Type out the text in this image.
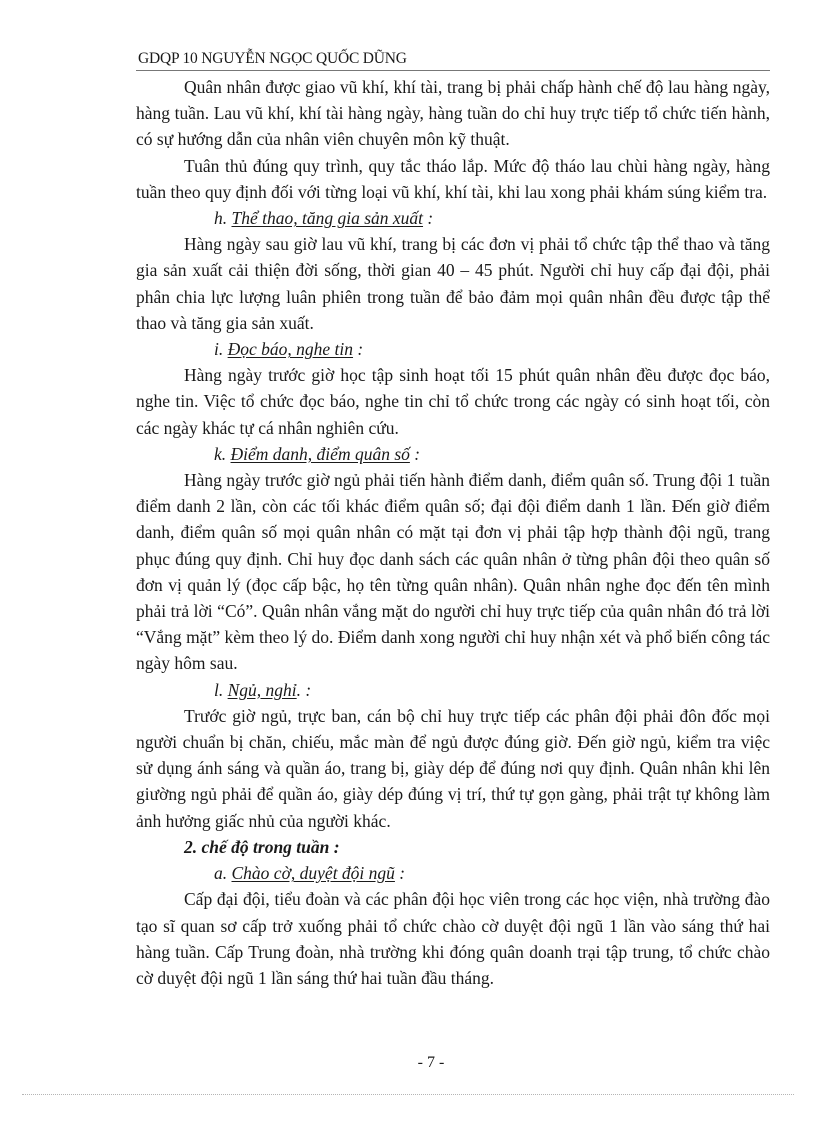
GDQP 10 NGUYỄN NGỌC QUỐC DŨNG

Quân nhân được giao vũ khí, khí tài, trang bị phải chấp hành chế độ lau hàng ngày, hàng tuần. Lau vũ khí, khí tài hàng ngày, hàng tuần do chỉ huy trực tiếp tổ chức tiến hành, có sự hướng dẫn của nhân viên chuyên môn kỹ thuật.

Tuân thủ đúng quy trình, quy tắc tháo lắp. Mức độ tháo lau chùi hàng ngày, hàng tuần theo quy định đối với từng loại vũ khí, khí tài, khi lau xong phải khám súng kiểm tra.

h. Thể thao, tăng gia sản xuất :

Hàng ngày sau giờ lau vũ khí, trang bị các đơn vị phải tổ chức tập thể thao và tăng gia sản xuất cải thiện đời sống, thời gian 40 – 45 phút. Người chỉ huy cấp đại đội, phải phân chia lực lượng luân phiên trong tuần để bảo đảm mọi quân nhân đều được tập thể thao và tăng gia sản xuất.

i. Đọc báo, nghe tin :

Hàng ngày trước giờ học tập sinh hoạt tối 15 phút quân nhân đều được đọc báo, nghe tin. Việc tổ chức đọc báo, nghe tin chỉ tổ chức trong các ngày có sinh hoạt tối, còn các ngày khác tự cá nhân nghiên cứu.

k. Điểm danh, điểm quân số :

Hàng ngày trước giờ ngủ phải tiến hành điểm danh, điểm quân số. Trung đội 1 tuần điểm danh 2 lần, còn các tối khác điểm quân số; đại đội điểm danh 1 lần. Đến giờ điểm danh, điểm quân số mọi quân nhân có mặt tại đơn vị phải tập hợp thành đội ngũ, trang phục đúng quy định. Chỉ huy đọc danh sách các quân nhân ở từng phân đội theo quân số đơn vị quản lý (đọc cấp bậc, họ tên từng quân nhân). Quân nhân nghe đọc đến tên mình phải trả lời “Có”. Quân nhân vắng mặt do người chỉ huy trực tiếp của quân nhân đó trả lời “Vắng mặt” kèm theo lý do. Điểm danh xong người chỉ huy nhận xét và phổ biến công tác ngày hôm sau.

l. Ngủ, nghỉ. :

Trước giờ ngủ, trực ban, cán bộ chỉ huy trực tiếp các phân đội phải đôn đốc mọi người chuẩn bị chăn, chiếu, mắc màn để ngủ được đúng giờ. Đến giờ ngủ, kiểm tra việc sử dụng ánh sáng và quần áo, trang bị, giày dép để đúng nơi quy định. Quân nhân khi lên giường ngủ phải để quần áo, giày dép đúng vị trí, thứ tự gọn gàng, phải trật tự không làm ảnh hưởng giấc nhủ của người khác.

2. chế độ trong tuần :

a. Chào cờ, duyệt đội ngũ :

Cấp đại đội, tiểu đoàn và các phân đội học viên trong các học viện, nhà trường đào tạo sĩ quan sơ cấp trở xuống phải tổ chức chào cờ duyệt đội ngũ 1 lần vào sáng thứ hai hàng tuần. Cấp Trung đoàn, nhà trường khi đóng quân doanh trại tập trung, tổ chức chào cờ duyệt đội ngũ 1 lần sáng thứ hai tuần đầu tháng.

- 7 -
